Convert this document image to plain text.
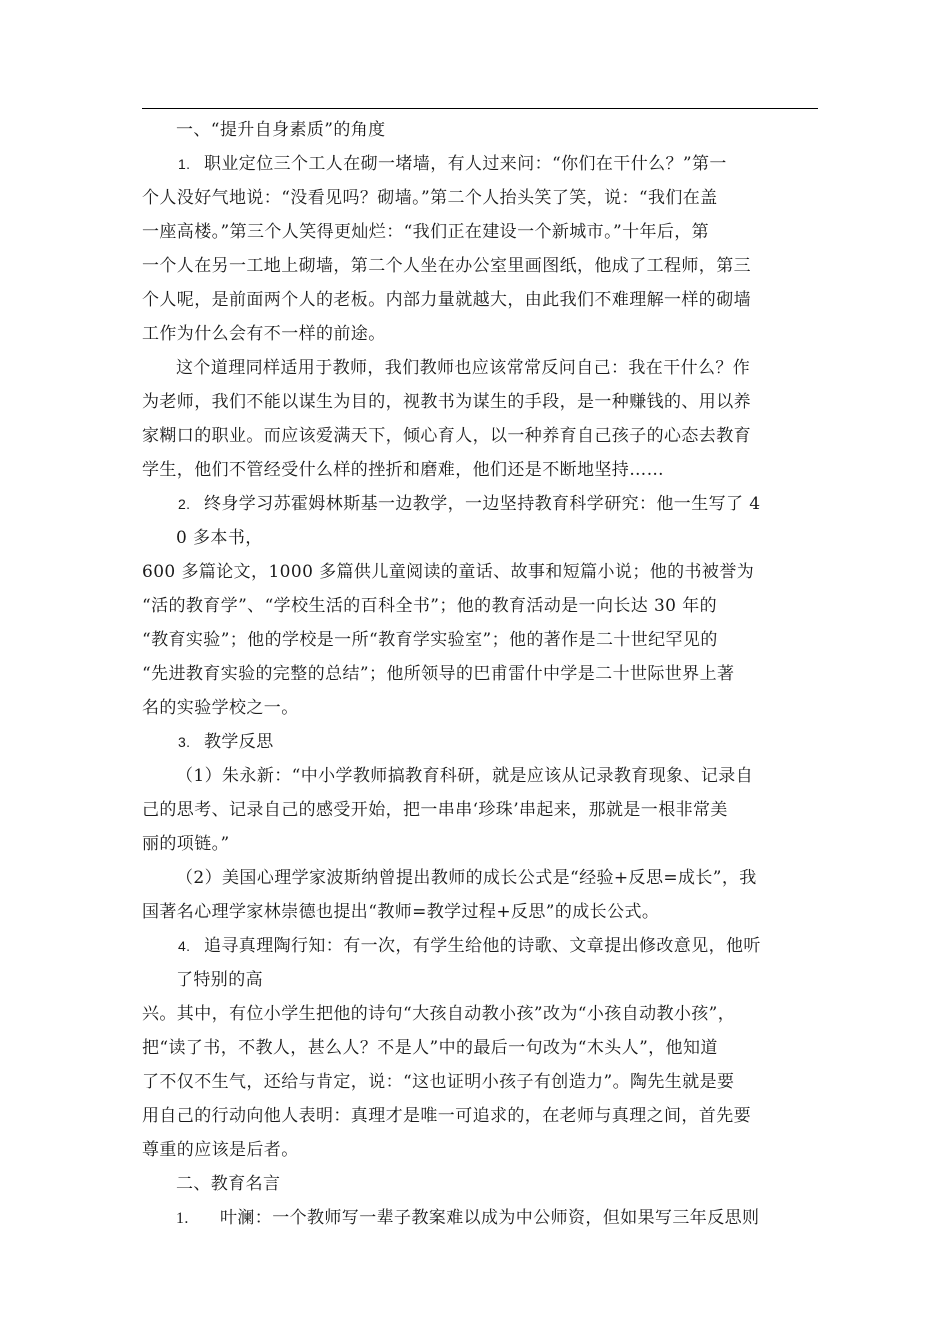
一、“提升自身素质”的角度
1. 职业定位三个工人在砌一堵墙，有人过来问：“你们在干什么？”第一
个人没好气地说：“没看见吗？砌墙。”第二个人抬头笑了笑，说：“我们在盖
一座高楼。”第三个人笑得更灿烂：“我们正在建设一个新城市。”十年后，第
一个人在另一工地上砌墙，第二个人坐在办公室里画图纸，他成了工程师，第三
个人呢，是前面两个人的老板。内部力量就越大，由此我们不难理解一样的砌墙
工作为什么会有不一样的前途。
这个道理同样适用于教师，我们教师也应该常常反问自己：我在干什么？作
为老师，我们不能以谋生为目的，视教书为谋生的手段，是一种赚钱的、用以养
家糊口的职业。而应该爱满天下，倾心育人，以一种养育自己孩子的心态去教育
学生，他们不管经受什么样的挫折和磨难，他们还是不断地坚持……
2. 终身学习苏霍姆林斯基一边教学，一边坚持教育科学研究：他一生写了 4
0 多本书，
600 多篇论文，1000 多篇供儿童阅读的童话、故事和短篇小说；他的书被誉为
“活的教育学”、“学校生活的百科全书”；他的教育活动是一向长达 30 年的
“教育实验”；他的学校是一所“教育学实验室”；他的著作是二十世纪罕见的
“先进教育实验的完整的总结”；他所领导的巴甫雷什中学是二十世际世界上著
名的实验学校之一。
3. 教学反思
（1）朱永新：“中小学教师搞教育科研，就是应该从记录教育现象、记录自
己的思考、记录自己的感受开始，把一串串‘珍珠’串起来，那就是一根非常美
丽的项链。”
（2）美国心理学家波斯纳曾提出教师的成长公式是“经验+反思=成长”，我
国著名心理学家林崇德也提出“教师=教学过程+反思”的成长公式。
4. 追寻真理陶行知：有一次，有学生给他的诗歌、文章提出修改意见，他听
了特别的高
兴。其中，有位小学生把他的诗句“大孩自动教小孩”改为“小孩自动教小孩”，
把“读了书，不教人，甚么人？不是人”中的最后一句改为“木头人”，他知道
了不仅不生气，还给与肯定，说：“这也证明小孩子有创造力”。陶先生就是要
用自己的行动向他人表明：真理才是唯一可追求的，在老师与真理之间，首先要
尊重的应该是后者。
二、教育名言
1. 叶澜：一个教师写一辈子教案难以成为中公师资，但如果写三年反思则
